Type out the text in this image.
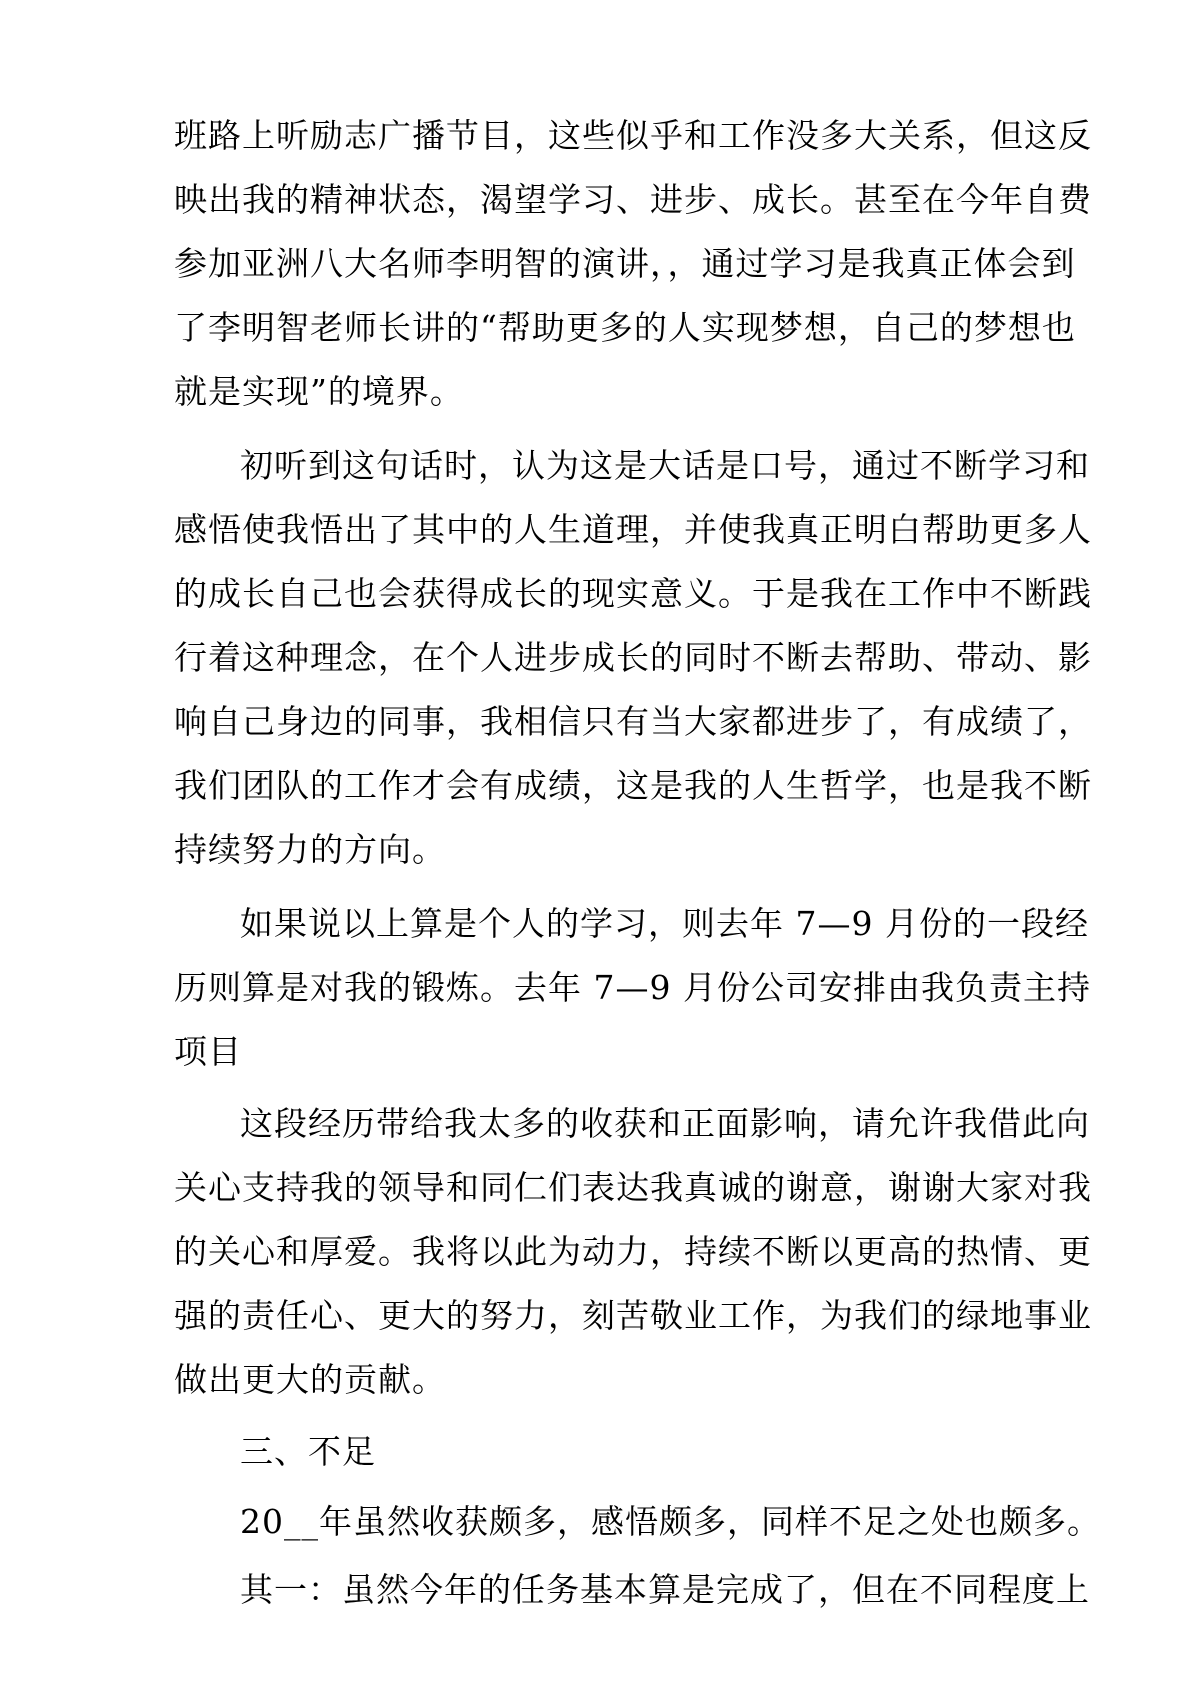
班路上听励志广播节目，这些似乎和工作没多大关系，但这反
映出我的精神状态，渴望学习、进步、成长。甚至在今年自费
参加亚洲八大名师李明智的演讲，，通过学习是我真正体会到
了李明智老师长讲的“帮助更多的人实现梦想，自己的梦想也
就是实现”的境界。
初听到这句话时，认为这是大话是口号，通过不断学习和
感悟使我悟出了其中的人生道理，并使我真正明白帮助更多人
的成长自己也会获得成长的现实意义。于是我在工作中不断践
行着这种理念，在个人进步成长的同时不断去帮助、带动、影
响自己身边的同事，我相信只有当大家都进步了，有成绩了，
我们团队的工作才会有成绩，这是我的人生哲学，也是我不断
持续努力的方向。
如果说以上算是个人的学习，则去年 7—9 月份的一段经
历则算是对我的锻炼。去年 7—9 月份公司安排由我负责主持
项目
这段经历带给我太多的收获和正面影响，请允许我借此向
关心支持我的领导和同仁们表达我真诚的谢意，谢谢大家对我
的关心和厚爱。我将以此为动力，持续不断以更高的热情、更
强的责任心、更大的努力，刻苦敬业工作，为我们的绿地事业
做出更大的贡献。
三、不足
20__年虽然收获颇多，感悟颇多，同样不足之处也颇多。
其一：虽然今年的任务基本算是完成了，但在不同程度上
